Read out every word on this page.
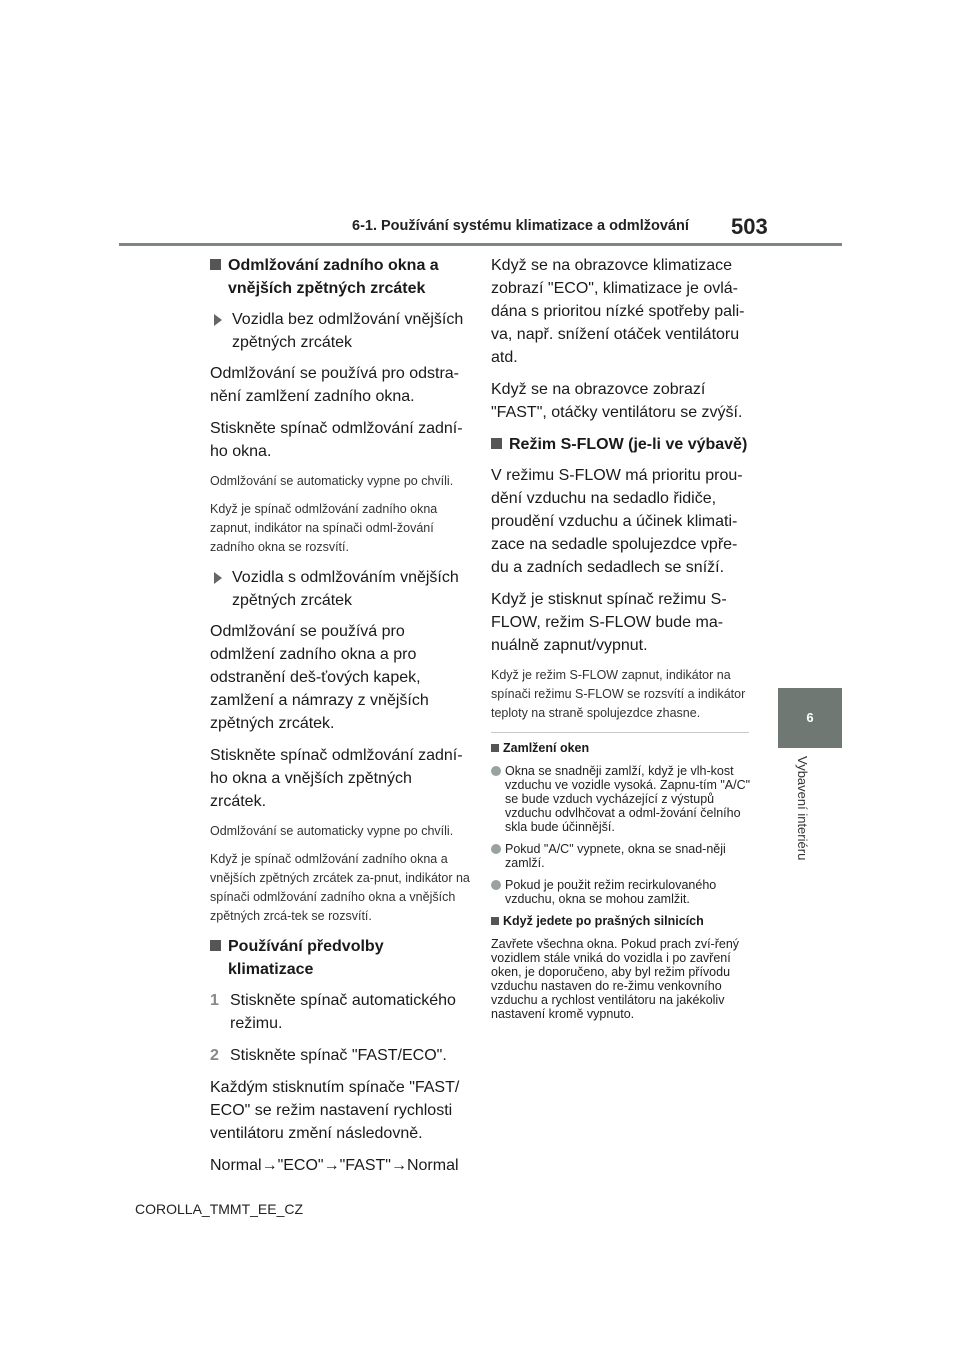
6-1. Používání systému klimatizace a odmlžování 503
6
Vybavení interiéru
Odmlžování zadního okna a vnějších zpětných zrcátek
Vozidla bez odmlžování vnějších zpětných zrcátek
Odmlžování se používá pro odstra-nění zamlžení zadního okna.
Stiskněte spínač odmlžování zadní-ho okna.
Odmlžování se automaticky vypne po chvíli.
Když je spínač odmlžování zadního okna zapnut, indikátor na spínači odml-žování zadního okna se rozsvítí.
Vozidla s odmlžováním vnějších zpětných zrcátek
Odmlžování se používá pro odmlžení zadního okna a pro odstranění deš-ťových kapek, zamlžení a námrazy z vnějších zpětných zrcátek.
Stiskněte spínač odmlžování zadní-ho okna a vnějších zpětných zrcátek.
Odmlžování se automaticky vypne po chvíli.
Když je spínač odmlžování zadního okna a vnějších zpětných zrcátek za-pnut, indikátor na spínači odmlžování zadního okna a vnějších zpětných zrcá-tek se rozsvítí.
Používání předvolby klimatizace
1 Stiskněte spínač automatického režimu.
2 Stiskněte spínač "FAST/ECO".
Každým stisknutím spínače "FAST/ ECO" se režim nastavení rychlosti ventilátoru změní následovně.
Normal→"ECO"→"FAST"→Normal
Když se na obrazovce klimatizace zobrazí "ECO", klimatizace je ovlá-dána s prioritou nízké spotřeby pali-va, např. snížení otáček ventilátoru atd.
Když se na obrazovce zobrazí "FAST", otáčky ventilátoru se zvýší.
Režim S-FLOW (je-li ve výbavě)
V režimu S-FLOW má prioritu prou-dění vzduchu na sedadlo řidiče, proudění vzduchu a účinek klimati-zace na sedadle spolujezdce vpře-du a zadních sedadlech se sníží.
Když je stisknut spínač režimu S-FLOW, režim S-FLOW bude ma-nuálně zapnut/vypnut.
Když je režim S-FLOW zapnut, indikátor na spínači režimu S-FLOW se rozsvítí a indikátor teploty na straně spolujezdce zhasne.
Zamlžení oken
Okna se snadněji zamlží, když je vlh-kost vzduchu ve vozidle vysoká. Zapnu-tím "A/C" se bude vzduch vycházející z výstupů vzduchu odvlhčovat a odml-žování čelního skla bude účinnější.
Pokud "A/C" vypnete, okna se snad-něji zamlží.
Pokud je použit režim recirkulovaného vzduchu, okna se mohou zamlžit.
Když jedete po prašných silnicích
Zavřete všechna okna. Pokud prach zví-řený vozidlem stále vniká do vozidla i po zavření oken, je doporučeno, aby byl režim přívodu vzduchu nastaven do re-žimu venkovního vzduchu a rychlost ventilátoru na jakékoliv nastavení kromě vypnuto.
COROLLA_TMMT_EE_CZ
